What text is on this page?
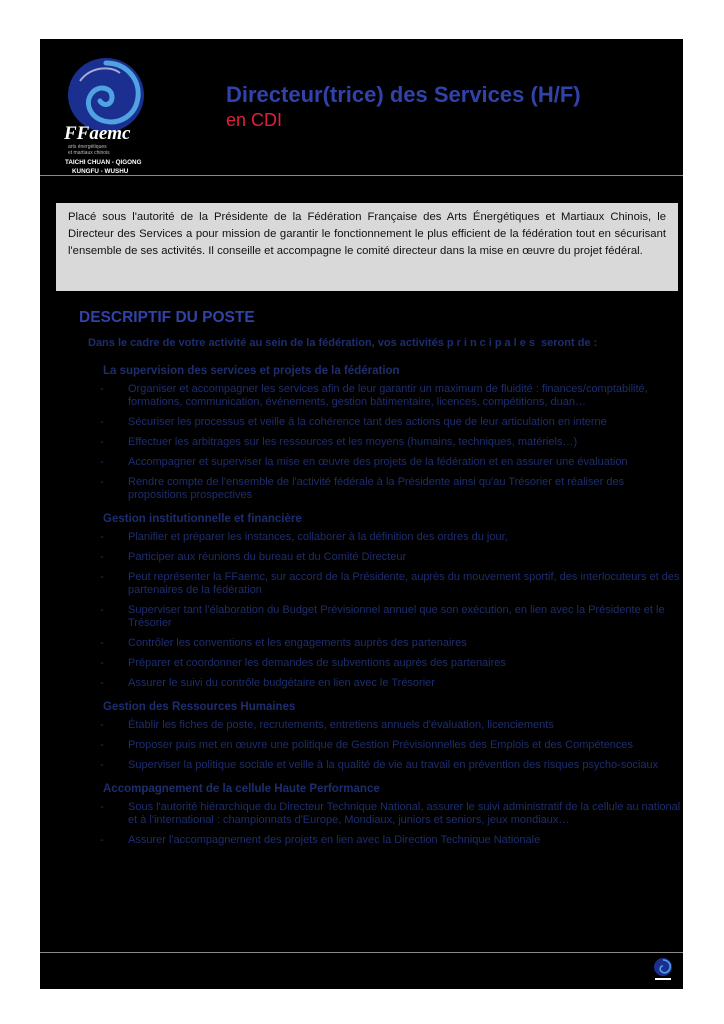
FFaemc
arts énergétiques
et martiaux chinois
TAICHI CHUAN - QIGONG
KUNGFU - WUSHU
Directeur(trice) des Services (H/F)
en CDI
Placé sous l'autorité de la Présidente de la Fédération Française des Arts Énergétiques et Martiaux Chinois, le Directeur des Services a pour mission de garantir le fonctionnement le plus efficient de la fédération tout en sécurisant l'ensemble de ses activités. Il conseille et accompagne le comité directeur dans la mise en œuvre du projet fédéral.
DESCRIPTIF DU POSTE
Dans le cadre de votre activité au sein de la fédération, vos activités principales seront de :
La supervision des services et projets de la fédération
- Organiser et accompagner les services afin de leur garantir un maximum de fluidité : finances/comptabilité, formations, communication, événements, gestion bâtimentaire, licences, compétitions, duan…
- Sécuriser les processus et veille à la cohérence tant des actions que de leur articulation en interne
- Effectuer les arbitrages sur les ressources et les moyens (humains, techniques, matériels…)
- Accompagner et superviser la mise en œuvre des projets de la fédération et en assurer une évaluation
- Rendre compte de l'ensemble de l'activité fédérale à la Présidente ainsi qu'au Trésorier et réaliser des propositions prospectives
Gestion institutionnelle et financière
- Planifier et préparer les instances, collaborer à la définition des ordres du jour,
- Participer aux réunions du bureau et du Comité Directeur
- Peut représenter la FFaemc, sur accord de la Présidente, auprès du mouvement sportif, des interlocuteurs et des partenaires de la fédération
- Superviser tant l'élaboration du Budget Prévisionnel annuel que son exécution, en lien avec la Présidente et le Trésorier
- Contrôler les conventions et les engagements auprès des partenaires
- Préparer et coordonner les demandes de subventions auprès des partenaires
- Assurer le suivi du contrôle budgétaire en lien avec le Trésorier
Gestion des Ressources Humaines
- Établir les fiches de poste, recrutements, entretiens annuels d'évaluation, licenciements
- Proposer puis met en œuvre une politique de Gestion Prévisionnelles des Emplois et des Compétences
- Superviser la politique sociale et veille à la qualité de vie au travail en prévention des risques psycho-sociaux
Accompagnement de la cellule Haute Performance
- Sous l'autorité hiérarchique du Directeur Technique National, assurer le suivi administratif de la cellule au national et à l'international : championnats d'Europe, Mondiaux, juniors et seniors, jeux mondiaux…
- Assurer l'accompagnement des projets en lien avec la Direction Technique Nationale
